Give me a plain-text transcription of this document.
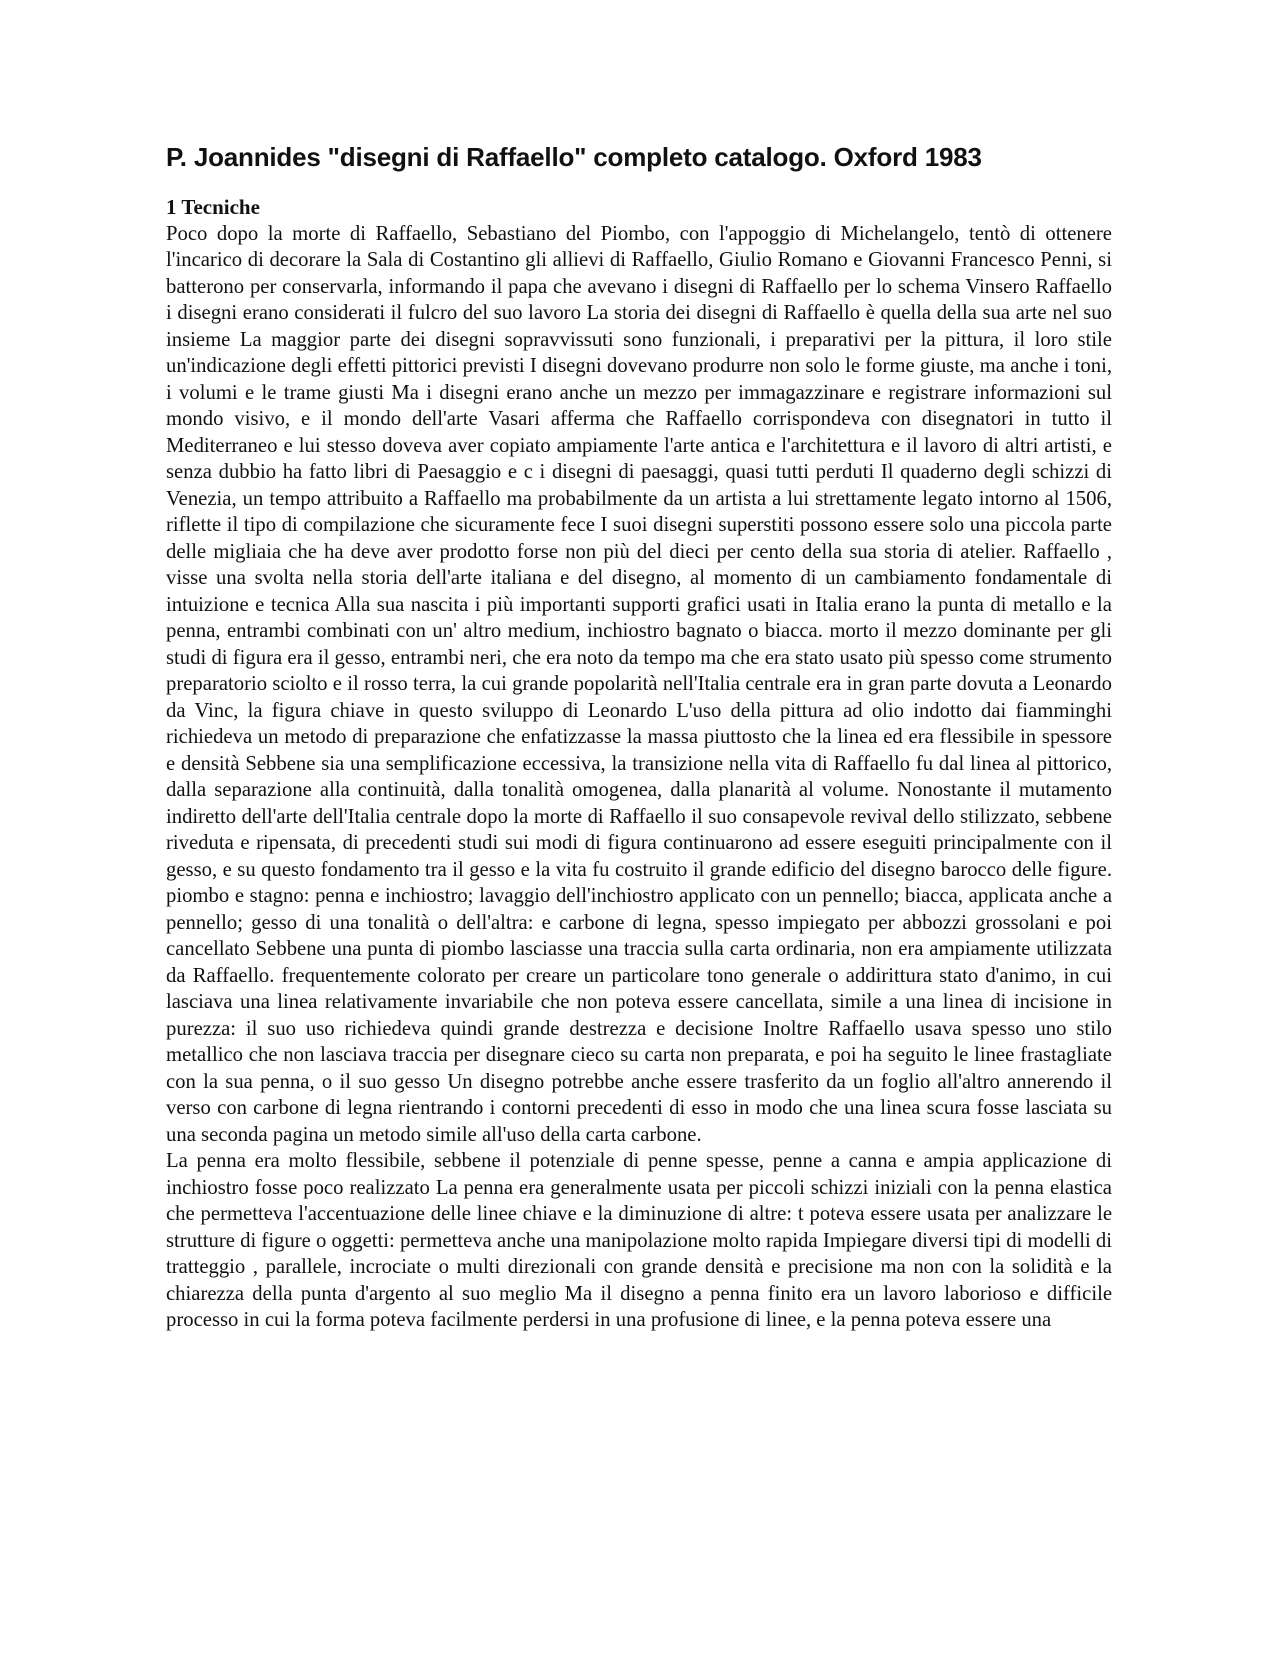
P. Joannides "disegni di Raffaello" completo catalogo. Oxford 1983
1 Tecniche

Poco dopo la morte di Raffaello, Sebastiano del Piombo, con l'appoggio di Michelangelo, tentò di ottenere l'incarico di decorare la Sala di Costantino gli allievi di Raffaello, Giulio Romano e Giovanni Francesco Penni, si batterono per conservarla, informando il papa che avevano i disegni di Raffaello per lo schema Vinsero Raffaello i disegni erano considerati il fulcro del suo lavoro La storia dei disegni di Raffaello è quella della sua arte nel suo insieme La maggior parte dei disegni sopravvissuti sono funzionali, i preparativi per la pittura, il loro stile un'indicazione degli effetti pittorici previsti I disegni dovevano produrre non solo le forme giuste, ma anche i toni, i volumi e le trame giusti Ma i disegni erano anche un mezzo per immagazzinare e registrare informazioni sul mondo visivo, e il mondo dell'arte Vasari afferma che Raffaello corrispondeva con disegnatori in tutto il Mediterraneo e lui stesso doveva aver copiato ampiamente l'arte antica e l'architettura e il lavoro di altri artisti, e senza dubbio ha fatto libri di Paesaggio e c i disegni di paesaggi, quasi tutti perduti Il quaderno degli schizzi di Venezia, un tempo attribuito a Raffaello ma probabilmente da un artista a lui strettamente legato intorno al 1506, riflette il tipo di compilazione che sicuramente fece I suoi disegni superstiti possono essere solo una piccola parte delle migliaia che ha deve aver prodotto forse non più del dieci per cento della sua storia di atelier. Raffaello , visse una svolta nella storia dell'arte italiana e del disegno, al momento di un cambiamento fondamentale di intuizione e tecnica Alla sua nascita i più importanti supporti grafici usati in Italia erano la punta di metallo e la penna, entrambi combinati con un' altro medium, inchiostro bagnato o biacca. morto il mezzo dominante per gli studi di figura era il gesso, entrambi neri, che era noto da tempo ma che era stato usato più spesso come strumento preparatorio sciolto e il rosso terra, la cui grande popolarità nell'Italia centrale era in gran parte dovuta a Leonardo da Vinc, la figura chiave in questo sviluppo di Leonardo L'uso della pittura ad olio indotto dai fiamminghi richiedeva un metodo di preparazione che enfatizzasse la massa piuttosto che la linea ed era flessibile in spessore e densità Sebbene sia una semplificazione eccessiva, la transizione nella vita di Raffaello fu dal linea al pittorico, dalla separazione alla continuità, dalla tonalità omogenea, dalla planarità al volume. Nonostante il mutamento indiretto dell'arte dell'Italia centrale dopo la morte di Raffaello il suo consapevole revival dello stilizzato, sebbene riveduta e ripensata, di precedenti studi sui modi di figura continuarono ad essere eseguiti principalmente con il gesso, e su questo fondamento tra il gesso e la vita fu costruito il grande edificio del disegno barocco delle figure. piombo e stagno: penna e inchiostro; lavaggio dell'inchiostro applicato con un pennello; biacca, applicata anche a pennello; gesso di una tonalità o dell'altra: e carbone di legna, spesso impiegato per abbozzi grossolani e poi cancellato Sebbene una punta di piombo lasciasse una traccia sulla carta ordinaria, non era ampiamente utilizzata da Raffaello. frequentemente colorato per creare un particolare tono generale o addirittura stato d'animo, in cui lasciava una linea relativamente invariabile che non poteva essere cancellata, simile a una linea di incisione in purezza: il suo uso richiedeva quindi grande destrezza e decisione Inoltre Raffaello usava spesso uno stilo metallico che non lasciava traccia per disegnare cieco su carta non preparata, e poi ha seguito le linee frastagliate con la sua penna, o il suo gesso Un disegno potrebbe anche essere trasferito da un foglio all'altro annerendo il verso con carbone di legna rientrando i contorni precedenti di esso in modo che una linea scura fosse lasciata su una seconda pagina un metodo simile all'uso della carta carbone.

La penna era molto flessibile, sebbene il potenziale di penne spesse, penne a canna e ampia applicazione di inchiostro fosse poco realizzato La penna era generalmente usata per piccoli schizzi iniziali con la penna elastica che permetteva l'accentuazione delle linee chiave e la diminuzione di altre: t poteva essere usata per analizzare le strutture di figure o oggetti: permetteva anche una manipolazione molto rapida Impiegare diversi tipi di modelli di tratteggio , parallele, incrociate o multi direzionali con grande densità e precisione ma non con la solidità e la chiarezza della punta d'argento al suo meglio Ma il disegno a penna finito era un lavoro laborioso e difficile processo in cui la forma poteva facilmente perdersi in una profusione di linee, e la penna poteva essere una
